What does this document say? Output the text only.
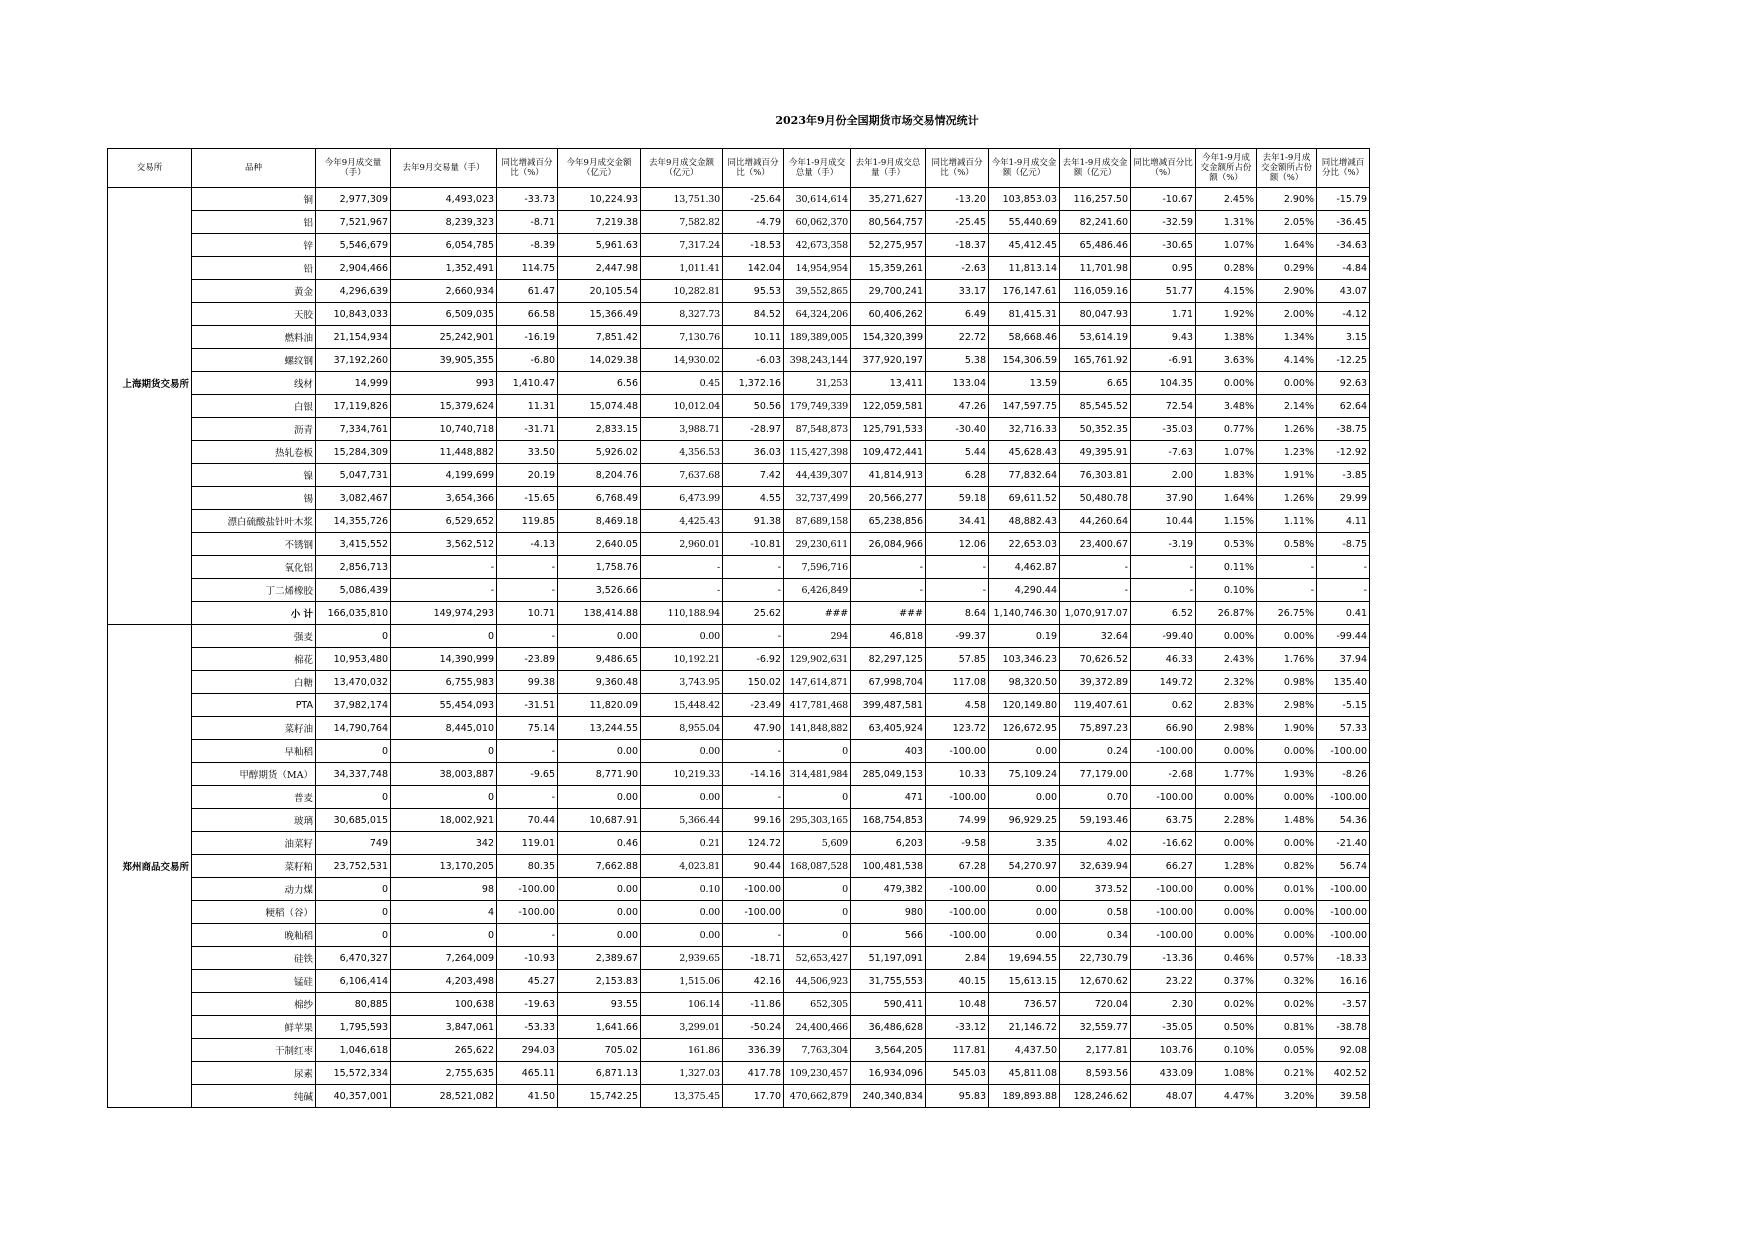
2023年9月份全国期货市场交易情况统计
交易所	品种	今年9月成交量（手）	去年9月交易量（手）	同比增减百分比（%）	今年9月成交金额（亿元）	去年9月成交金额（亿元）	同比增减百分比（%）	今年1-9月成交总量（手）	去年1-9月成交总量（手）	同比增减百分比（%）	今年1-9月成交金额（亿元）	去年1-9月成交金额（亿元）	同比增减百分比（%）	今年1-9月成交金额所占份额（%）	去年1-9月成交金额所占份额（%）	同比增减百分比（%）
	铜	2,977,309	4,493,023	-33.73	10,224.93	13,751.30	-25.64	30,614,614	35,271,627	-13.20	103,853.03	116,257.50	-10.67	2.45%	2.90%	-15.79
	铝	7,521,967	8,239,323	-8.71	7,219.38	7,582.82	-4.79	60,062,370	80,564,757	-25.45	55,440.69	82,241.60	-32.59	1.31%	2.05%	-36.45
	锌	5,546,679	6,054,785	-8.39	5,961.63	7,317.24	-18.53	42,673,358	52,275,957	-18.37	45,412.45	65,486.46	-30.65	1.07%	1.64%	-34.63
	铅	2,904,466	1,352,491	114.75	2,447.98	1,011.41	142.04	14,954,954	15,359,261	-2.63	11,813.14	11,701.98	0.95	0.28%	0.29%	-4.84
	黄金	4,296,639	2,660,934	61.47	20,105.54	10,282.81	95.53	39,552,865	29,700,241	33.17	176,147.61	116,059.16	51.77	4.15%	2.90%	43.07
	天胶	10,843,033	6,509,035	66.58	15,366.49	8,327.73	84.52	64,324,206	60,406,262	6.49	81,415.31	80,047.93	1.71	1.92%	2.00%	-4.12
	燃料油	21,154,934	25,242,901	-16.19	7,851.42	7,130.76	10.11	189,389,005	154,320,399	22.72	58,668.46	53,614.19	9.43	1.38%	1.34%	3.15
	螺纹钢	37,192,260	39,905,355	-6.80	14,029.38	14,930.02	-6.03	398,243,144	377,920,197	5.38	154,306.59	165,761.92	-6.91	3.63%	4.14%	-12.25
上海期货交易所	线材	14,999	993	1,410.47	6.56	0.45	1,372.16	31,253	13,411	133.04	13.59	6.65	104.35	0.00%	0.00%	92.63
	白银	17,119,826	15,379,624	11.31	15,074.48	10,012.04	50.56	179,749,339	122,059,581	47.26	147,597.75	85,545.52	72.54	3.48%	2.14%	62.64
	沥青	7,334,761	10,740,718	-31.71	2,833.15	3,988.71	-28.97	87,548,873	125,791,533	-30.40	32,716.33	50,352.35	-35.03	0.77%	1.26%	-38.75
	热轧卷板	15,284,309	11,448,882	33.50	5,926.02	4,356.53	36.03	115,427,398	109,472,441	5.44	45,628.43	49,395.91	-7.63	1.07%	1.23%	-12.92
	镍	5,047,731	4,199,699	20.19	8,204.76	7,637.68	7.42	44,439,307	41,814,913	6.28	77,832.64	76,303.81	2.00	1.83%	1.91%	-3.85
	锡	3,082,467	3,654,366	-15.65	6,768.49	6,473.99	4.55	32,737,499	20,566,277	59.18	69,611.52	50,480.78	37.90	1.64%	1.26%	29.99
	漂白硫酸盐针叶木浆	14,355,726	6,529,652	119.85	8,469.18	4,425.43	91.38	87,689,158	65,238,856	34.41	48,882.43	44,260.64	10.44	1.15%	1.11%	4.11
	不锈钢	3,415,552	3,562,512	-4.13	2,640.05	2,960.01	-10.81	29,230,611	26,084,966	12.06	22,653.03	23,400.67	-3.19	0.53%	0.58%	-8.75
	氧化铝	2,856,713	-	-	1,758.76	-	-	7,596,716	-	-	4,462.87	-	-	0.11%	-	-
	丁二烯橡胶	5,086,439	-	-	3,526.66	-	-	6,426,849	-	-	4,290.44	-	-	0.10%	-	-
	小 计	166,035,810	149,974,293	10.71	138,414.88	110,188.94	25.62	###	###	8.64	1,140,746.30	1,070,917.07	6.52	26.87%	26.75%	0.41
	强麦	0	0	-	0.00	0.00	-	294	46,818	-99.37	0.19	32.64	-99.40	0.00%	0.00%	-99.44
	棉花	10,953,480	14,390,999	-23.89	9,486.65	10,192.21	-6.92	129,902,631	82,297,125	57.85	103,346.23	70,626.52	46.33	2.43%	1.76%	37.94
	白糖	13,470,032	6,755,983	99.38	9,360.48	3,743.95	150.02	147,614,871	67,998,704	117.08	98,320.50	39,372.89	149.72	2.32%	0.98%	135.40
	PTA	37,982,174	55,454,093	-31.51	11,820.09	15,448.42	-23.49	417,781,468	399,487,581	4.58	120,149.80	119,407.61	0.62	2.83%	2.98%	-5.15
	菜籽油	14,790,764	8,445,010	75.14	13,244.55	8,955.04	47.90	141,848,882	63,405,924	123.72	126,672.95	75,897.23	66.90	2.98%	1.90%	57.33
	早籼稻	0	0	-	0.00	0.00	-	0	403	-100.00	0.00	0.24	-100.00	0.00%	0.00%	-100.00
	甲醇期货（MA）	34,337,748	38,003,887	-9.65	8,771.90	10,219.33	-14.16	314,481,984	285,049,153	10.33	75,109.24	77,179.00	-2.68	1.77%	1.93%	-8.26
	普麦	0	0	-	0.00	0.00	-	0	471	-100.00	0.00	0.70	-100.00	0.00%	0.00%	-100.00
	玻璃	30,685,015	18,002,921	70.44	10,687.91	5,366.44	99.16	295,303,165	168,754,853	74.99	96,929.25	59,193.46	63.75	2.28%	1.48%	54.36
	油菜籽	749	342	119.01	0.46	0.21	124.72	5,609	6,203	-9.58	3.35	4.02	-16.62	0.00%	0.00%	-21.40
郑州商品交易所	菜籽粕	23,752,531	13,170,205	80.35	7,662.88	4,023.81	90.44	168,087,528	100,481,538	67.28	54,270.97	32,639.94	66.27	1.28%	0.82%	56.74
	动力煤	0	98	-100.00	0.00	0.10	-100.00	0	479,382	-100.00	0.00	373.52	-100.00	0.00%	0.01%	-100.00
	粳稻（谷）	0	4	-100.00	0.00	0.00	-100.00	0	980	-100.00	0.00	0.58	-100.00	0.00%	0.00%	-100.00
	晚籼稻	0	0	-	0.00	0.00	-	0	566	-100.00	0.00	0.34	-100.00	0.00%	0.00%	-100.00
	硅铁	6,470,327	7,264,009	-10.93	2,389.67	2,939.65	-18.71	52,653,427	51,197,091	2.84	19,694.55	22,730.79	-13.36	0.46%	0.57%	-18.33
	锰硅	6,106,414	4,203,498	45.27	2,153.83	1,515.06	42.16	44,506,923	31,755,553	40.15	15,613.15	12,670.62	23.22	0.37%	0.32%	16.16
	棉纱	80,885	100,638	-19.63	93.55	106.14	-11.86	652,305	590,411	10.48	736.57	720.04	2.30	0.02%	0.02%	-3.57
	鲜苹果	1,795,593	3,847,061	-53.33	1,641.66	3,299.01	-50.24	24,400,466	36,486,628	-33.12	21,146.72	32,559.77	-35.05	0.50%	0.81%	-38.78
	干制红枣	1,046,618	265,622	294.03	705.02	161.86	336.39	7,763,304	3,564,205	117.81	4,437.50	2,177.81	103.76	0.10%	0.05%	92.08
	尿素	15,572,334	2,755,635	465.11	6,871.13	1,327.03	417.78	109,230,457	16,934,096	545.03	45,811.08	8,593.56	433.09	1.08%	0.21%	402.52
	纯碱	40,357,001	28,521,082	41.50	15,742.25	13,375.45	17.70	470,662,879	240,340,834	95.83	189,893.88	128,246.62	48.07	4.47%	3.20%	39.58
